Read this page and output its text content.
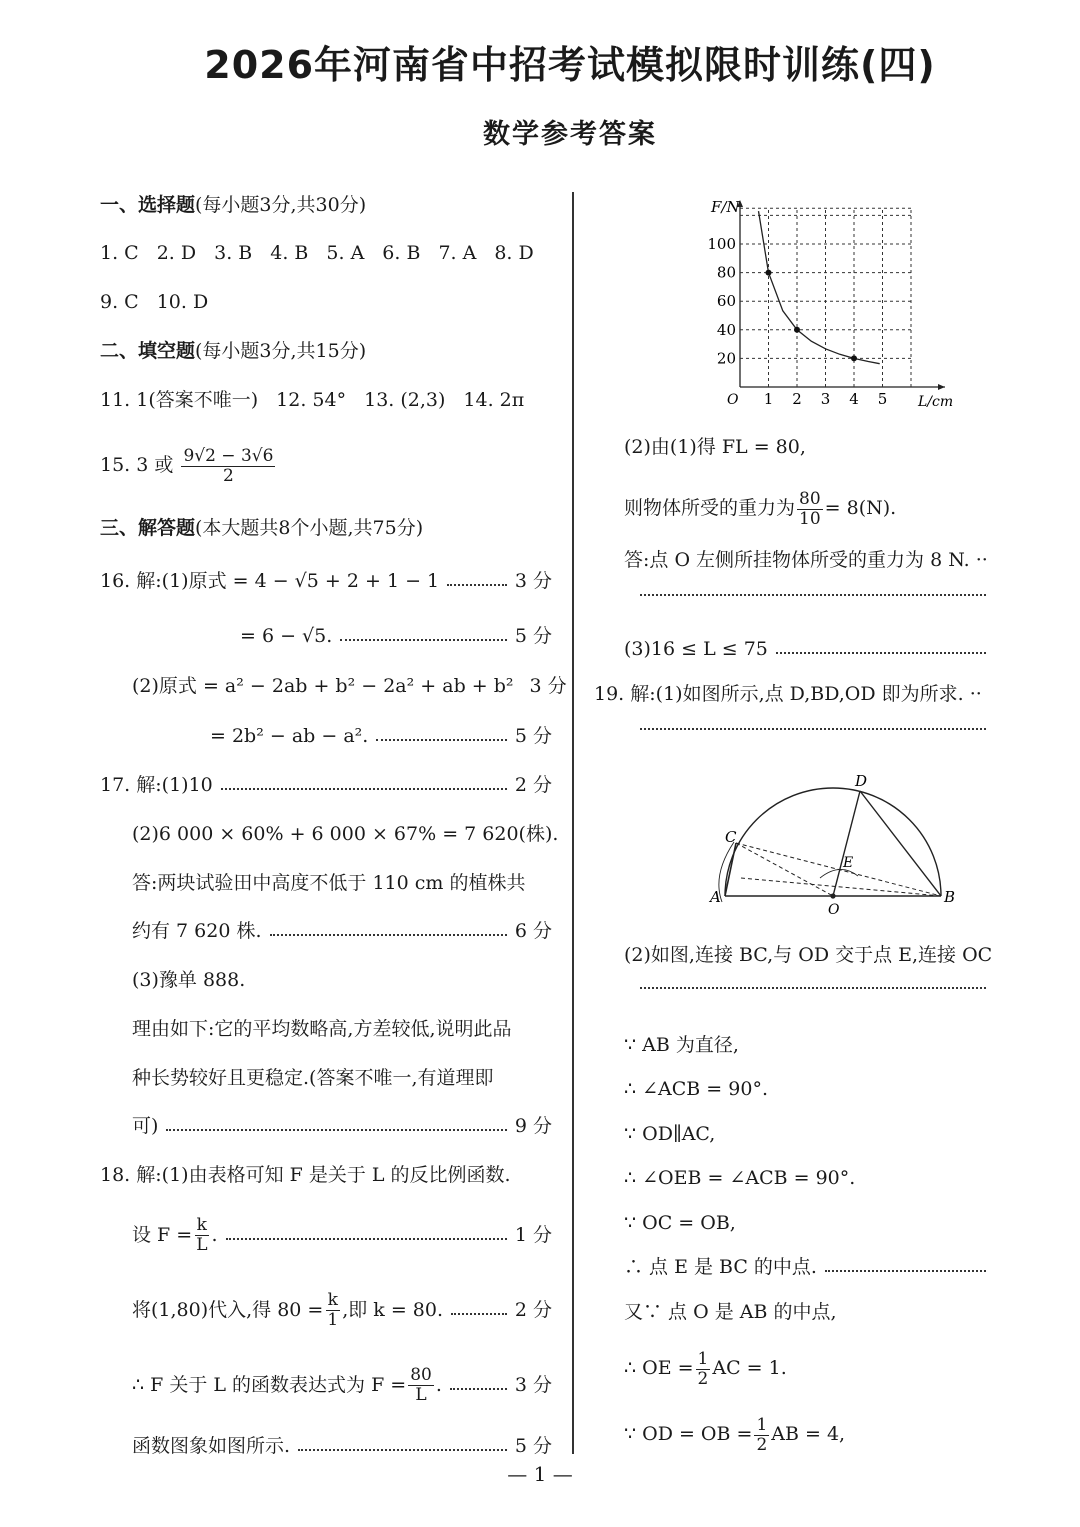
2026年河南省中招考试模拟限时训练(四)
数学参考答案
一、选择题(每小题3分,共30分)
1. C 2. D 3. B 4. B 5. A 6. B 7. A 8. D
9. C 10. D
二、填空题(每小题3分,共15分)
11. 1(答案不唯一) 12. 54° 13. (2,3) 14. 2π
15. 3 或 $\frac{9√2 - 3√6}{2}$
三、解答题(本大题共8个小题,共75分)
16. 解:(1)原式 = 4 − √5 + 2 + 1 − 1	3 分
= 6 − √5.	5 分
(2)原式 = a² − 2ab + b² − 2a² + ab + b² 3 分
= 2b² − ab − a².	5 分
17. 解:(1)10	2 分
(2)6 000 × 60% + 6 000 × 67% = 7 620(株).
答:两块试验田中高度不低于 110 cm 的植株共
约有 7 620 株.	6 分
(3)豫单 888.
理由如下:它的平均数略高,方差较低,说明此品
种长势较好且更稳定.(答案不唯一,有道理即
可)	9 分
18. 解:(1)由表格可知 F 是关于 L 的反比例函数.
设 $F = \frac{k}{L}$ .	1 分
将(1,80)代入,得 $80 = \frac{k}{1}$ ,即 k = 80.	2 分
∴ F 关于 L 的函数表达式为 $F = \frac{80}{L}$ .	3 分
函数图象如图所示.	5 分
20
40
60
80
100
1 2 3 4 5
F/N
L/cm
O
(2)由(1)得 FL = 80,
则物体所受的重力为 $\frac{80}{10} = 8(N)$.
答:点 O 左侧所挂物体所受的重力为 8 N. ··
(3)16 ≤ L ≤ 75
19. 解:(1)如图所示,点 D,BD,OD 即为所求. ··
C
D
E
A	B
O
(2)如图,连接 BC,与 OD 交于点 E,连接 OC
∵ AB 为直径,
∴ ∠ACB = 90°.
∵ OD∥AC,
∴ ∠OEB = ∠ACB = 90°.
∵ OC = OB,
∴ 点 E 是 BC 的中点.
又∵ 点 O 是 AB 的中点,
∴ OE = $\frac{1}{2}$ AC = 1.
∵ OD = OB = $\frac{1}{2}$ AB = 4,
— 1 —
